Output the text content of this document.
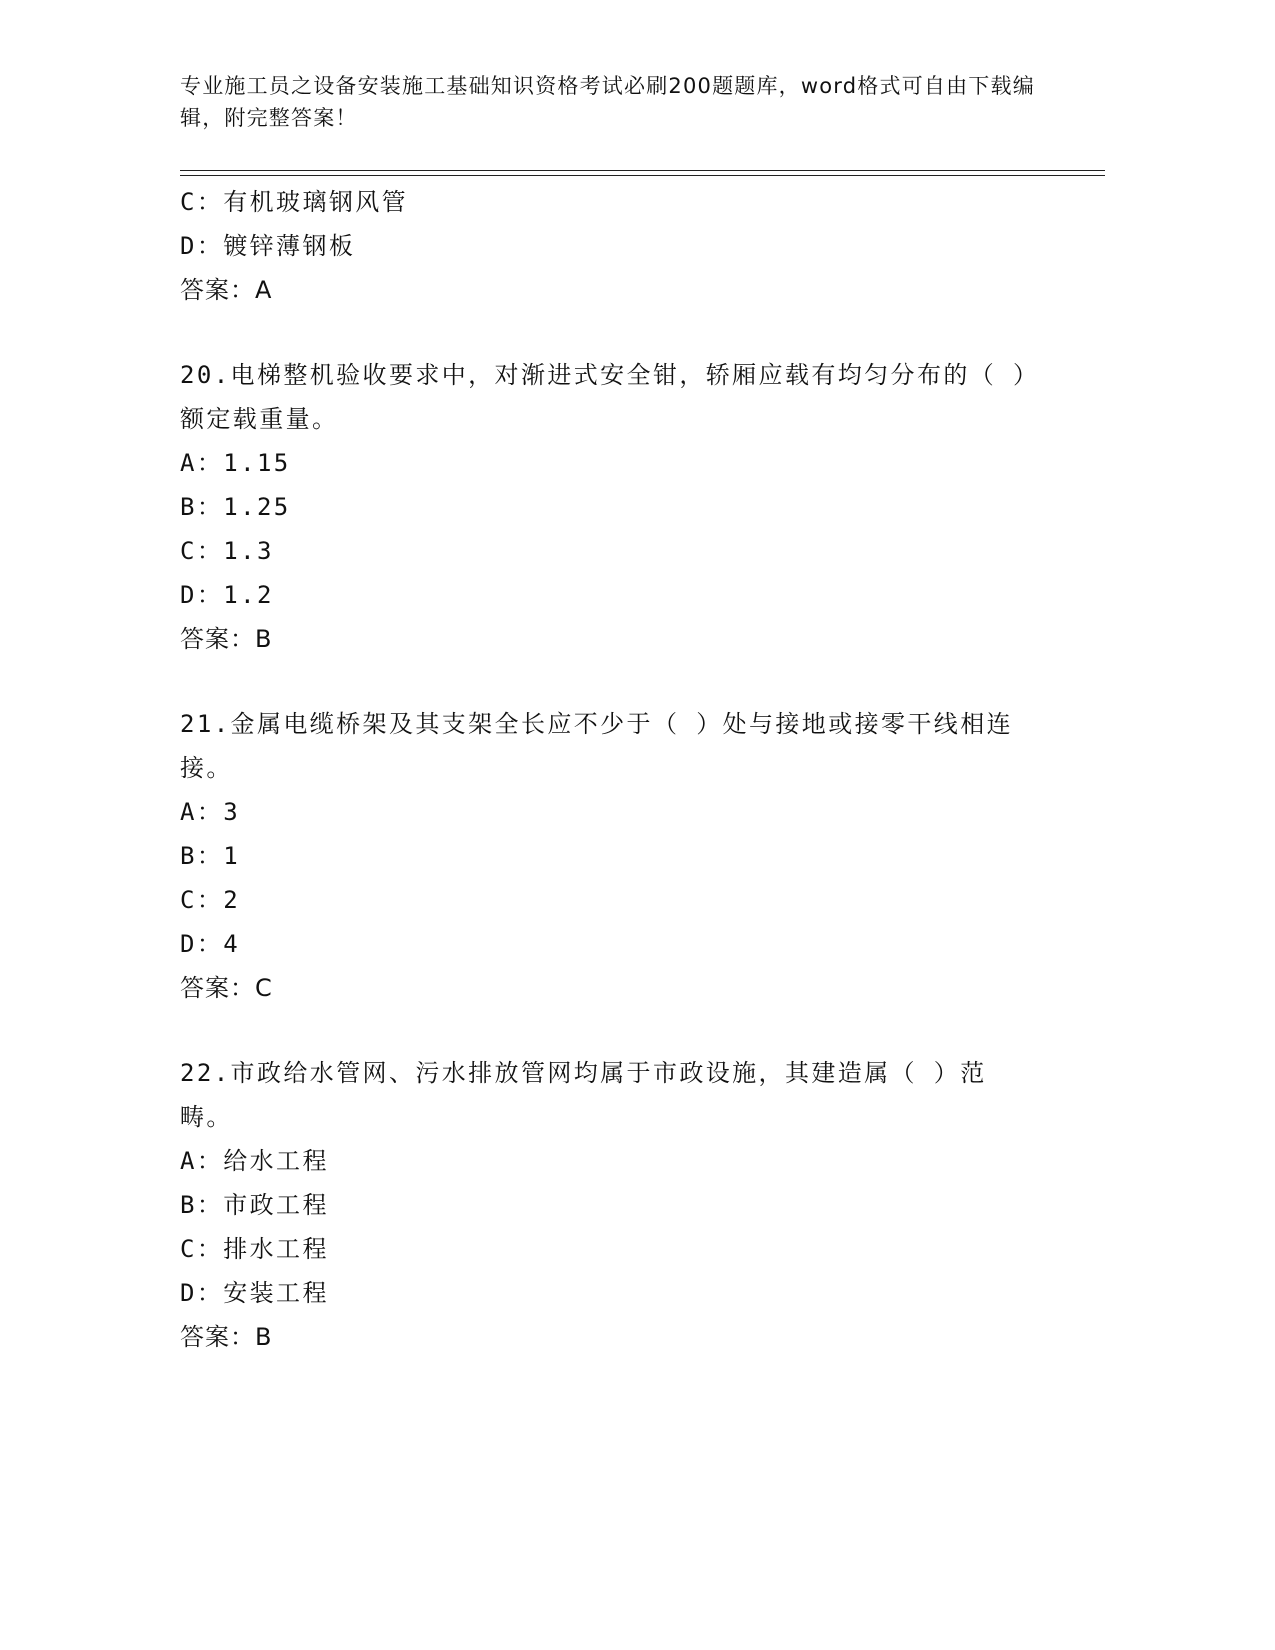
专业施工员之设备安装施工基础知识资格考试必刷200题题库，word格式可自由下载编辑，附完整答案！
C：有机玻璃钢风管
D：镀锌薄钢板
答案：A
20.电梯整机验收要求中，对渐进式安全钳，轿厢应载有均匀分布的（ ）额定载重量。
A：1.15
B：1.25
C：1.3
D：1.2
答案：B
21.金属电缆桥架及其支架全长应不少于（ ）处与接地或接零干线相连接。
A：3
B：1
C：2
D：4
答案：C
22.市政给水管网、污水排放管网均属于市政设施，其建造属（ ）范畴。
A：给水工程
B：市政工程
C：排水工程
D：安装工程
答案：B
